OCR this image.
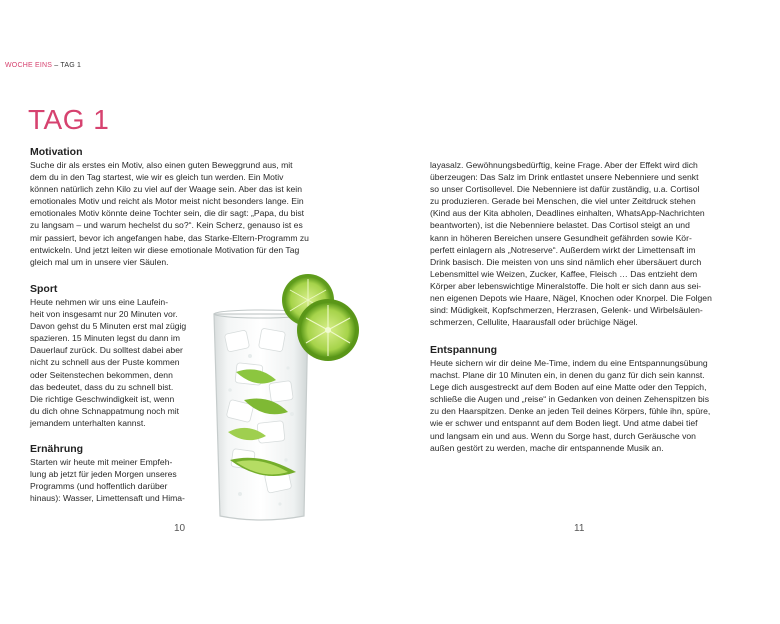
WOCHE EINS – TAG 1
TAG 1
Motivation
Suche dir als erstes ein Motiv, also einen guten Beweggrund aus, mit
dem du in den Tag startest, wie wir es gleich tun werden. Ein Motiv
können natürlich zehn Kilo zu viel auf der Waage sein. Aber das ist kein
emotionales Motiv und reicht als Motor meist nicht besonders lange. Ein
emotionales Motiv könnte deine Tochter sein, die dir sagt: „Papa, du bist
zu langsam – und warum hechelst du so?“. Kein Scherz, genauso ist es
mir passiert, bevor ich angefangen habe, das Starke-Eltern-Programm zu
entwickeln. Und jetzt leiten wir diese emotionale Motivation für den Tag
gleich mal um in unsere vier Säulen.
Sport
Heute nehmen wir uns eine Laufein-
heit von insgesamt nur 20 Minuten vor.
Davon gehst du 5 Minuten erst mal zügig
spazieren. 15 Minuten legst du dann im
Dauerlauf zurück. Du solltest dabei aber
nicht zu schnell aus der Puste kommen
oder Seitenstechen bekommen, denn
das bedeutet, dass du zu schnell bist.
Die richtige Geschwindigkeit ist, wenn
du dich ohne Schnappatmung noch mit
jemandem unterhalten kannst.
Ernährung
Starten wir heute mit meiner Empfeh-
lung ab jetzt für jeden Morgen unseres
Programms (und hoffentlich darüber
hinaus): Wasser, Limettensaft und Hima-
layasalz. Gewöhnungsbedürftig, keine Frage. Aber der Effekt wird dich
überzeugen: Das Salz im Drink entlastet unsere Nebenniere und senkt
so unser Cortisollevel. Die Nebenniere ist dafür zuständig, u.a. Cortisol
zu produzieren. Gerade bei Menschen, die viel unter Zeitdruck stehen
(Kind aus der Kita abholen, Deadlines einhalten, WhatsApp-Nachrichten
beantworten), ist die Nebenniere belastet. Das Cortisol steigt an und
kann in höheren Bereichen unsere Gesundheit gefährden sowie Kör-
perfett einlagern als „Notreserve“. Außerdem wirkt der Limettensaft im
Drink basisch. Die meisten von uns sind nämlich eher übersäuert durch
Lebensmittel wie Weizen, Zucker, Kaffee, Fleisch … Das entzieht dem
Körper aber lebenswichtige Mineralstoffe. Die holt er sich dann aus sei-
nen eigenen Depots wie Haare, Nägel, Knochen oder Knorpel. Die Folgen
sind: Müdigkeit, Kopfschmerzen, Herzrasen, Gelenk- und Wirbelsäulen-
schmerzen, Cellulite, Haarausfall oder brüchige Nägel.
Entspannung
Heute sichern wir dir deine Me-Time, indem du eine Entspannungsübung
machst. Plane dir 10 Minuten ein, in denen du ganz für dich sein kannst.
Lege dich ausgestreckt auf dem Boden auf eine Matte oder den Teppich,
schließe die Augen und „reise“ in Gedanken von deinen Zehenspitzen bis
zu den Haarspitzen. Denke an jeden Teil deines Körpers, fühle ihn, spüre,
wie er schwer und entspannt auf dem Boden liegt. Und atme dabei tief
und langsam ein und aus. Wenn du Sorge hast, durch Geräusche von
außen gestört zu werden, mache dir entspannende Musik an.
10	11
